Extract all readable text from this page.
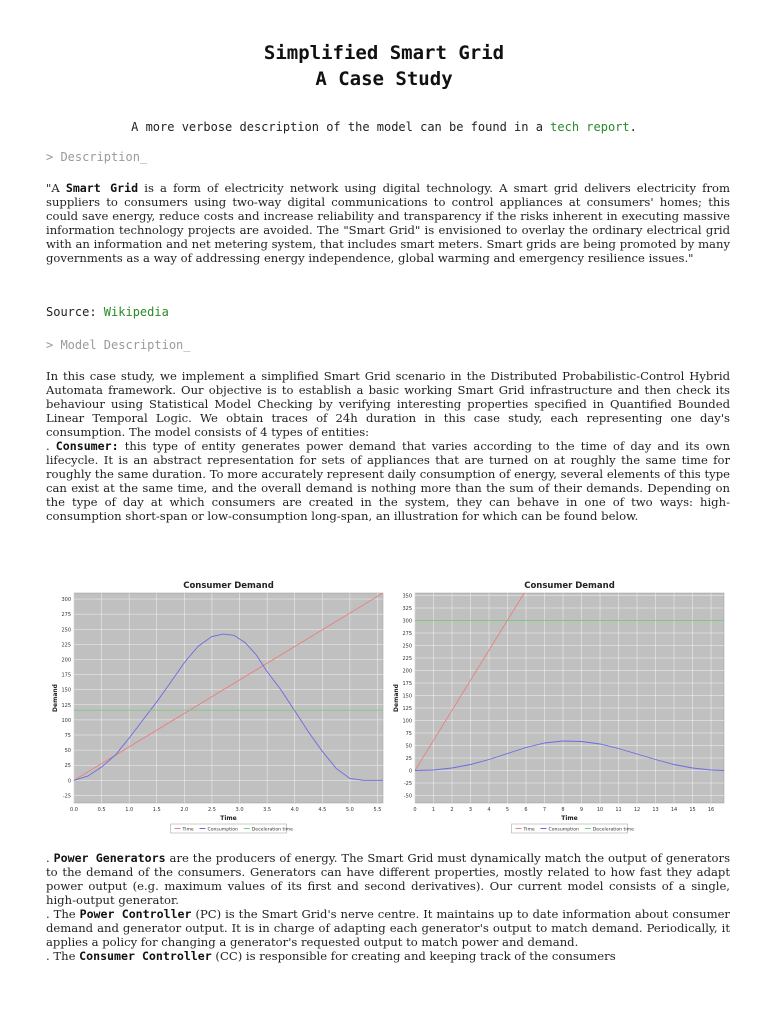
Simplified Smart Grid
A Case Study
A more verbose description of the model can be found in a tech report.
> Description_

"A Smart Grid is a form of electricity network using digital technology. A smart grid delivers electricity from suppliers to consumers using two-way digital communications to control appliances at consumers' homes; this could save energy, reduce costs and increase reliability and transparency if the risks inherent in executing massive information technology projects are avoided. The "Smart Grid" is envisioned to overlay the ordinary electrical grid with an information and net metering system, that includes smart meters. Smart grids are being promoted by many governments as a way of addressing energy independence, global warming and emergency resilience issues."

Source: Wikipedia
> Model Description_

In this case study, we implement a simplified Smart Grid scenario in the Distributed Probabilistic-Control Hybrid Automata framework. Our objective is to establish a basic working Smart Grid infrastructure and then check its behaviour using Statistical Model Checking by verifying interesting properties specified in Quantified Bounded Linear Temporal Logic. We obtain traces of 24h duration in this case study, each representing one day's consumption. The model consists of 4 types of entities:
. Consumer: this type of entity generates power demand that varies according to the time of day and its own lifecycle. It is an abstract representation for sets of appliances that are turned on at roughly the same time for roughly the same duration. To more accurately represent daily consumption of energy, several elements of this type can exist at the same time, and the overall demand is nothing more than the sum of their demands. Depending on the type of day at which consumers are created in the system, they can behave in one of two ways: high-consumption short-span or low-consumption long-span, an illustration for which can be found below.

Consumer Demand
-25
0
25
50
75
100
125
150
175
200
225
250
275
300
0.0	0.5	1.0	1.5	2.0	2.5	3.0	3.5	4.0	4.5	5.0	5.5
Time
Demand
Time	Consumption	Deceleration time
Consumer Demand
-50
-25
0
25
50
75
100
125
150
175
200
225
250
275
300
325
350
0	1	2	3	4	5	6	7	8	9	10 11 12 13 14 15 16
Time
Demand
Time	Consumption	Deceleration time

. Power Generators are the producers of energy. The Smart Grid must dynamically match the output of generators to the demand of the consumers. Generators can have different properties, mostly related to how fast they adapt power output (e.g. maximum values of its first and second derivatives). Our current model consists of a single, high-output generator.
. The Power Controller (PC) is the Smart Grid's nerve centre. It maintains up to date information about consumer demand and generator output. It is in charge of adapting each generator's output to match demand. Periodically, it applies a policy for changing a generator's requested output to match power and demand.
. The Consumer Controller (CC) is responsible for creating and keeping track of the consumers
